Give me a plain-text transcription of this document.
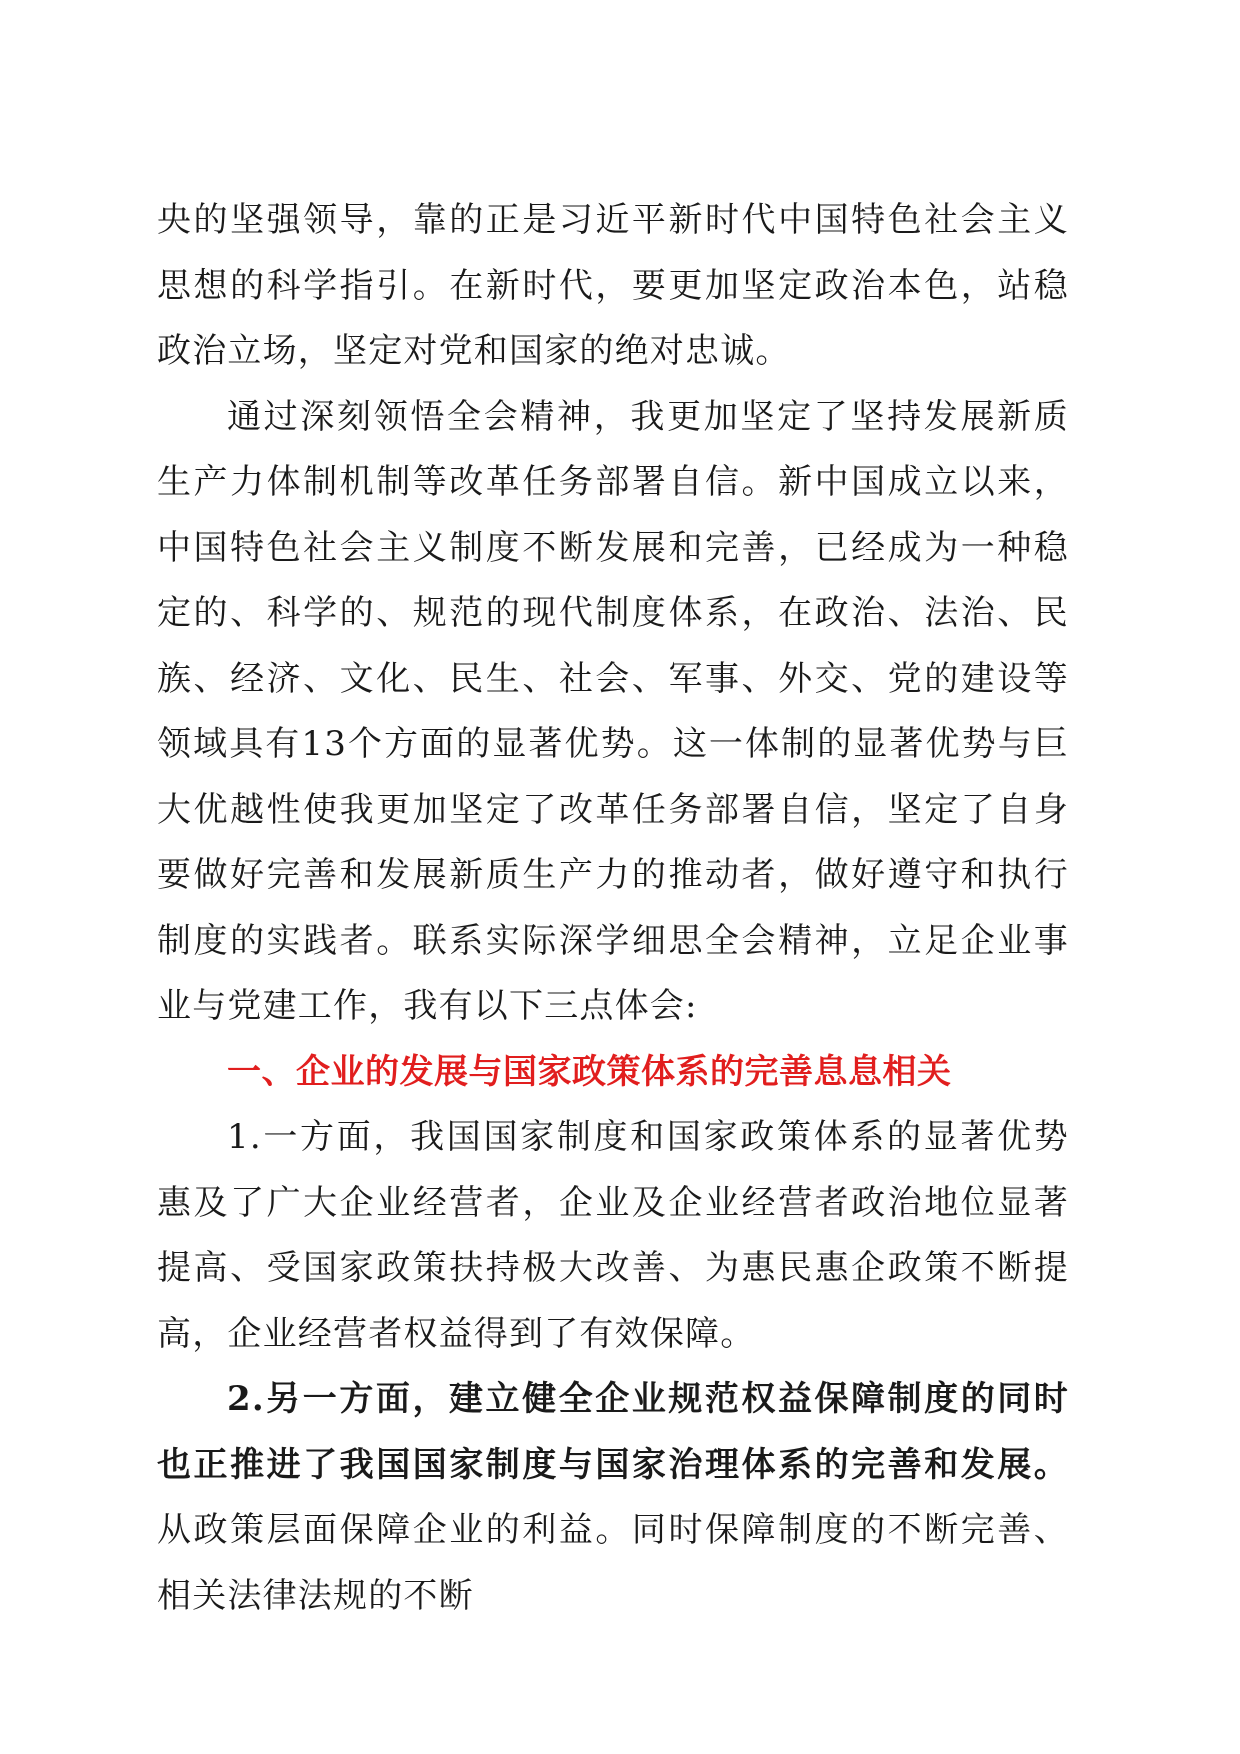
央的坚强领导，靠的正是习近平新时代中国特色社会主义思想的科学指引。在新时代，要更加坚定政治本色，站稳政治立场，坚定对党和国家的绝对忠诚。

通过深刻领悟全会精神，我更加坚定了坚持发展新质生产力体制机制等改革任务部署自信。新中国成立以来，中国特色社会主义制度不断发展和完善，已经成为一种稳定的、科学的、规范的现代制度体系，在政治、法治、民族、经济、文化、民生、社会、军事、外交、党的建设等领域具有13个方面的显著优势。这一体制的显著优势与巨大优越性使我更加坚定了改革任务部署自信，坚定了自身要做好完善和发展新质生产力的推动者，做好遵守和执行制度的实践者。联系实际深学细思全会精神，立足企业事业与党建工作，我有以下三点体会:

一、企业的发展与国家政策体系的完善息息相关

1.一方面，我国国家制度和国家政策体系的显著优势惠及了广大企业经营者，企业及企业经营者政治地位显著提高、受国家政策扶持极大改善、为惠民惠企政策不断提高，企业经营者权益得到了有效保障。

2.另一方面，建立健全企业规范权益保障制度的同时也正推进了我国国家制度与国家治理体系的完善和发展。从政策层面保障企业的利益。同时保障制度的不断完善、相关法律法规的不断
